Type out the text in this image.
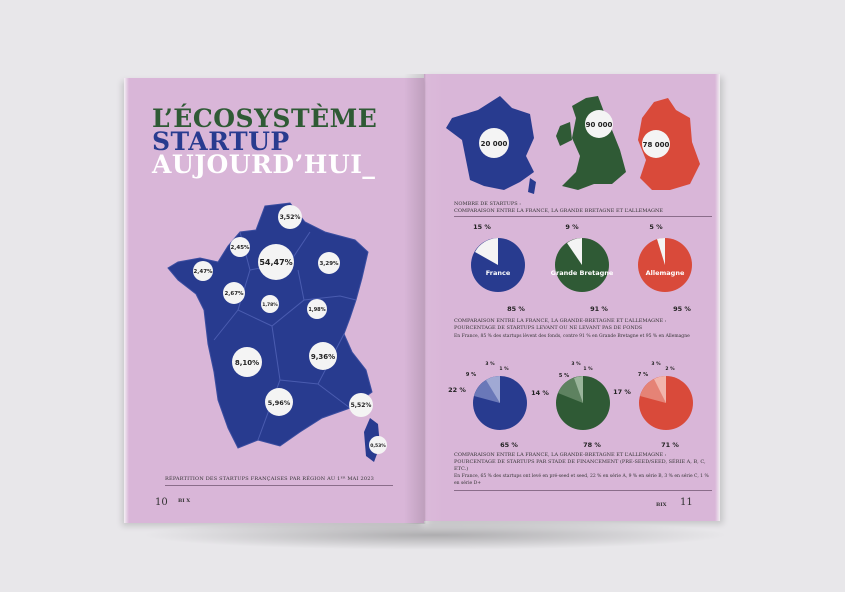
L’ÉCOSYSTÈME
STARTUP
AUJOURD’HUI_
3,52%
2,45%
2,47%
54,47%	3,29%
2,67%
1,78%
1,98%
8,10%
9,36%
5,96%	5,52%
0,53%
20 000
90 000
78 000
France	Grande Bretagne	Allemagne
85 %	91 %	95 %
15 %	9 %	5 %
65 %	78 %	71 %
22 %	14 %	17 %
9 %
3 %
1 %
5 %
3 %
1 %
7 %
3 %
2 %
RÉPARTITION DES STARTUPS FRANÇAISES PAR RÉGION AU 1ᴱᴿ MAI 2023
10 BI X
NOMBRE DE STARTUPS :
COMPARAISON ENTRE LA FRANCE, LA GRANDE BRETAGNE ET L’ALLEMAGNE
COMPARAISON ENTRE LA FRANCE, LA GRANDE-BRETAGNE ET L’ALLEMAGNE :
POURCENTAGE DE STARTUPS LEVANT OU NE LEVANT PAS DE FONDS
En France, 85 % des startups lèvent des fonds, contre 91 % en Grande Bretagne et 95 % en Allemagne
COMPARAISON ENTRE LA FRANCE, LA GRANDE-BRETAGNE ET L’ALLEMAGNE : POURCENTAGE DE STARTUPS PAR STADE DE FINANCEMENT (PRE-SEED/SEED, SÉRIE A, B, C, ETC.)
En France, 65 % des startups ont levé en pré-seed et seed, 22 % en série A, 9 % en série B, 3 % en série C, 1 % en série D+
BIX 11
